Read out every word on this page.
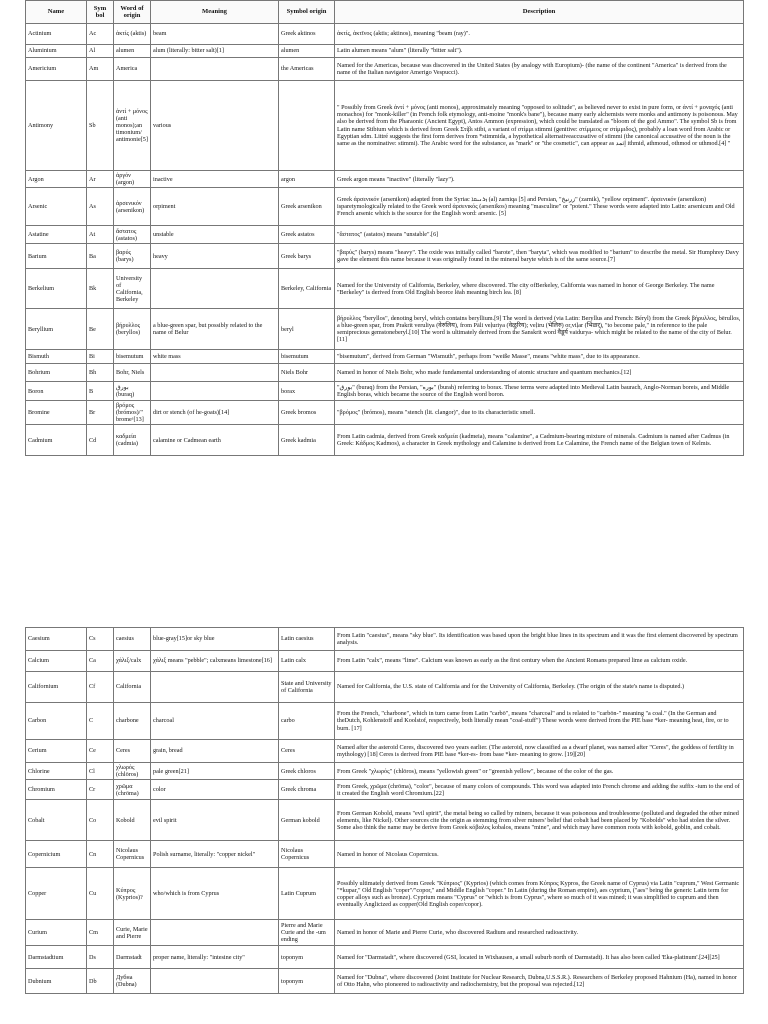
Name	Sym bol	Word of origin	Meaning	Symbol origin	Description
Actinium	Ac	ἀκτίς (aktis)	beam	Greek aktinos	ἀκτίς, ἀκτῖνος (aktis; aktinos), meaning "beam (ray)".
Aluminium	Al	alumen	alum (literally: bitter salt)[1]	alumen	Latin alumen means "alum" (literally "bitter salt").
Americium	Am	America		the Americas	Named for the Americas, because was discovered in the United States (by analogy with Europium)- (the name of the continent "America" is derived from the name of the Italian navigator Amerigo Vespucci).
Antimony	Sb	ἀντί + μόνος (anti monos);an timonium/ antimonie[5]	various		" Possibly from Greek ἀντί + μόνος (anti monos), approximately meaning "opposed to solitude", as believed never to exist in pure form, or ἀντί + μοναχός (anti monachos) for "monk-killer" (in French folk etymology, anti-moine "monk's bane"), because many early alchemists were monks and antimony is poisonous. May also be derived from the Pharaonic (Ancient Egypt), Antos Ammon (expression), which could be translated as "bloom of the god Ammo". The symbol Sb is from Latin name Stibium which is derived from Greek Στίβι stibi, a variant of στίμμι stimmi (genitive: στίμμεος or στίμμιδος), probably a loan word from Arabic or Egyptian sdm. Littré suggests the first form derives from *stimmida, a hypothetical alternativeaccusative of stimmi (the canonical accusative of the noun is the same as the nominative: stimmi). The Arabic word for the substance, as "mark" or "the cosmetic", can appear as إثمد ithmid, athmoud, othmod or uthmod.[4] "
Argon	Ar	ἀργόν (argon)	inactive	argon	Greek argon means "inactive" (literally "lazy").
Arsenic	As	ἀρσενικόν (arsenikon)	orpiment	Greek arsenikon	Greek ἀρσενικόν (arsenikon) adapted from the Syriac ܙܪܢܝܩܐ (al) zarniqa [5] and Persian, "زرنیخ" (zarnik), "yellow orpiment". ἀρσενικόν (arsenikon) isparetymologically related to the Greek word ἀρσενικός (arsenikos) meaning "masculine" or "potent." These words were adapted into Latin: arsenicum and Old French arsenic which is the source for the English word: arsenic. [5]
Astatine	At	ἄστατος (astatos)	unstable	Greek astatos	"ἄστατος" (astatos) means "unstable".[6]
Barium	Ba	βαρύς (barys)	heavy	Greek barys	"βαρύς" (barys) means "heavy". The oxide was initially called "barote", then "baryta", which was modified to "barium" to describe the metal. Sir Humphrey Davy gave the element this name because it was originally found in the mineral baryte which is of the same source.[7]
Berkelium	Bk	University of California, Berkeley		Berkeley, California	Named for the University of California, Berkeley, where discovered. The city ofBerkeley, California was named in honor of George Berkeley. The name "Berkeley" is derived from Old English beorce lēah meaning birch lea. [8]
Beryllium	Be	βήρυλλος (beryllos)	a blue-green spar, but possibly related to the name of Belur	beryl	βήρυλλος "beryllos", denoting beryl, which contains beryllium.[9] The word is derived (via Latin: Beryllus and French: Béryl) from the Greek βήρυλλος, bērullos, a blue-green spar, from Prakrit veruliya (वेरुलिय), from Pāli veḷuriya (वेळुरिय); veḷiru (भेलिरु) or,viḷar (भिळर्), "to become pale," in reference to the pale semiprecious gemstoneberyl.[10] The word is ultimately derived from the Sanskrit word वैडूर्य vaidurya- which might be related to the name of the city of Belur.[11]
Bismuth	Bi	bisemutum	white mass	bisemutum	"bisemutum", derived from German "Wismuth", perhaps from "weiße Masse", means "white mass", due to its appearance.
Bohrium	Bh	Bohr, Niels		Niels Bohr	Named in honor of Niels Bohr, who made fundamental understanding of atomic structure and quantum mechanics.[12]
Boron	B	بورق (buraq)		borax	"بورق" (buraq) from the Persian, "بوره" (burah) referring to borax. These terms were adapted into Medieval Latin baurach, Anglo-Norman boreis, and Middle English boras, which became the source of the English word boron.
Bromine	Br	βρόμος (brómos)/" bromeᵃ[13]	dirt or stench (of he-goats)[14]	Greek bromos	"βρόμος" (brómos), means "stench (lit. clangor)", due to its characteristic smell.
Cadmium	Cd	καδμεία (cadmia)	calamine or Cadmean earth	Greek kadmia	From Latin cadmia, derived from Greek καδμεία (kadmeia), means "calamine", a Cadmium-bearing mixture of minerals. Cadmium is named after Cadmus (in Greek: Κάδμος Kadmos), a character in Greek mythology and Calamine is derived from Le Calamine, the French name of the Belgian town of Kelmis.
Caesium	Cs	caesius	blue-gray[15]or sky blue	Latin caesius	From Latin "caesius", means "sky blue". Its identification was based upon the bright blue lines in its spectrum and it was the first element discovered by spectrum analysis.
Calcium	Ca	χάλιξ/calx	χάλιξ means "pebble"; calxmeans limestone[16]	Latin calx	From Latin "calx", means "lime". Calcium was known as early as the first century when the Ancient Romans prepared lime as calcium oxide.
Californium	Cf	California		State and University of California	Named for California, the U.S. state of California and for the University of California, Berkeley. (The origin of the state's name is disputed.)
Carbon	C	charbone	charcoal	carbo	From the French, "charbone", which in turn came from Latin "carbō", means "charcoal" and is related to "carbōn-" meaning "a coal." (In the German and theDutch, Kohlenstoff and Koolstof, respectively, both literally mean "coal-stuff") These words were derived from the PIE base *ker- meaning heat, fire, or to burn. [17]
Cerium	Ce	Ceres	grain, bread	Ceres	Named after the asteroid Ceres, discovered two years earlier. (The asteroid, now classified as a dwarf planet, was named after "Ceres", the goddess of fertility in mythology) [18] Ceres is derived from PIE base *ker-es- from base *ker- meaning to grow. [19][20]
Chlorine	Cl	χλωρός (chlōros)	pale green[21]	Greek chloros	From Greek "χλωρός" (chlōros), means "yellowish green" or "greenish yellow", because of the color of the gas.
Chromium	Cr	χρῶμα (chrōma)	color	Greek chroma	From Greek, χρῶμα (chrōma), "color", because of many colors of compounds. This word was adapted into French chrome and adding the suffix -ium to the end of it created the English word Chromium.[22]
Cobalt	Co	Kobold	evil spirit	German kobold	From German Kobold, means "evil spirit", the metal being so called by miners, because it was poisonous and troublesome (polluted and degraded the other mined elements, like Nickel). Other sources cite the origin as stemming from silver miners' belief that cobalt had been placed by "Kobolds" who had stolen the silver. Some also think the name may be derive from Greek κόβαλος kobalos, means "mine", and which may have common roots with kobold, goblin, and cobalt.
Copernicium	Cn	Nicolaus Copernicus	Polish surname, literally: "copper nickel"	Nicolaus Copernicus	Named in honor of Nicolaus Copernicus.
Copper	Cu	Κύπρος (Kyprios)?	who/which is from Cyprus	Latin Cuprum	Possibly ultimately derived from Greek "Κύπριος" (Kyprios) (which comes from Κύπρος Kypros, the Greek name of Cyprus) via Latin "cuprum," West Germanic "*kupar," Old English "coper"/"copor," and Middle English "coper." In Latin (during the Roman empire), aes cyprium, ("aes" being the generic Latin term for copper alloys such as bronze). Cyprium means "Cyprus" or "which is from Cyprus", where so much of it was mined; it was simplified to cuprum and then eventually Anglicized as copper(Old English coper/copor).
Curium	Cm	Curie, Marie and Pierre		Pierre and Marie Curie and the -um ending	Named in honor of Marie and Pierre Curie, who discovered Radium and researched radioactivity.
Darmstadtium	Ds	Darmstadt	proper name, literally: "intesine city"	toponym	Named for "Darmstadt", where discovered (GSI, located in Wixhausen, a small suburb north of Darmstadt). It has also been called 'Eka-platinum'.[24][25]
Dubnium	Db	Дубна (Dubna)		toponym	Named for "Dubna", where discovered (Joint Institute for Nuclear Research, Dubna,U.S.S.R.). Researchers of Berkeley proposed Hahnium (Ha), named in honor of Otto Hahn, who pioneered to radioactivity and radiochemistry, but the proposal was rejected.[12]
